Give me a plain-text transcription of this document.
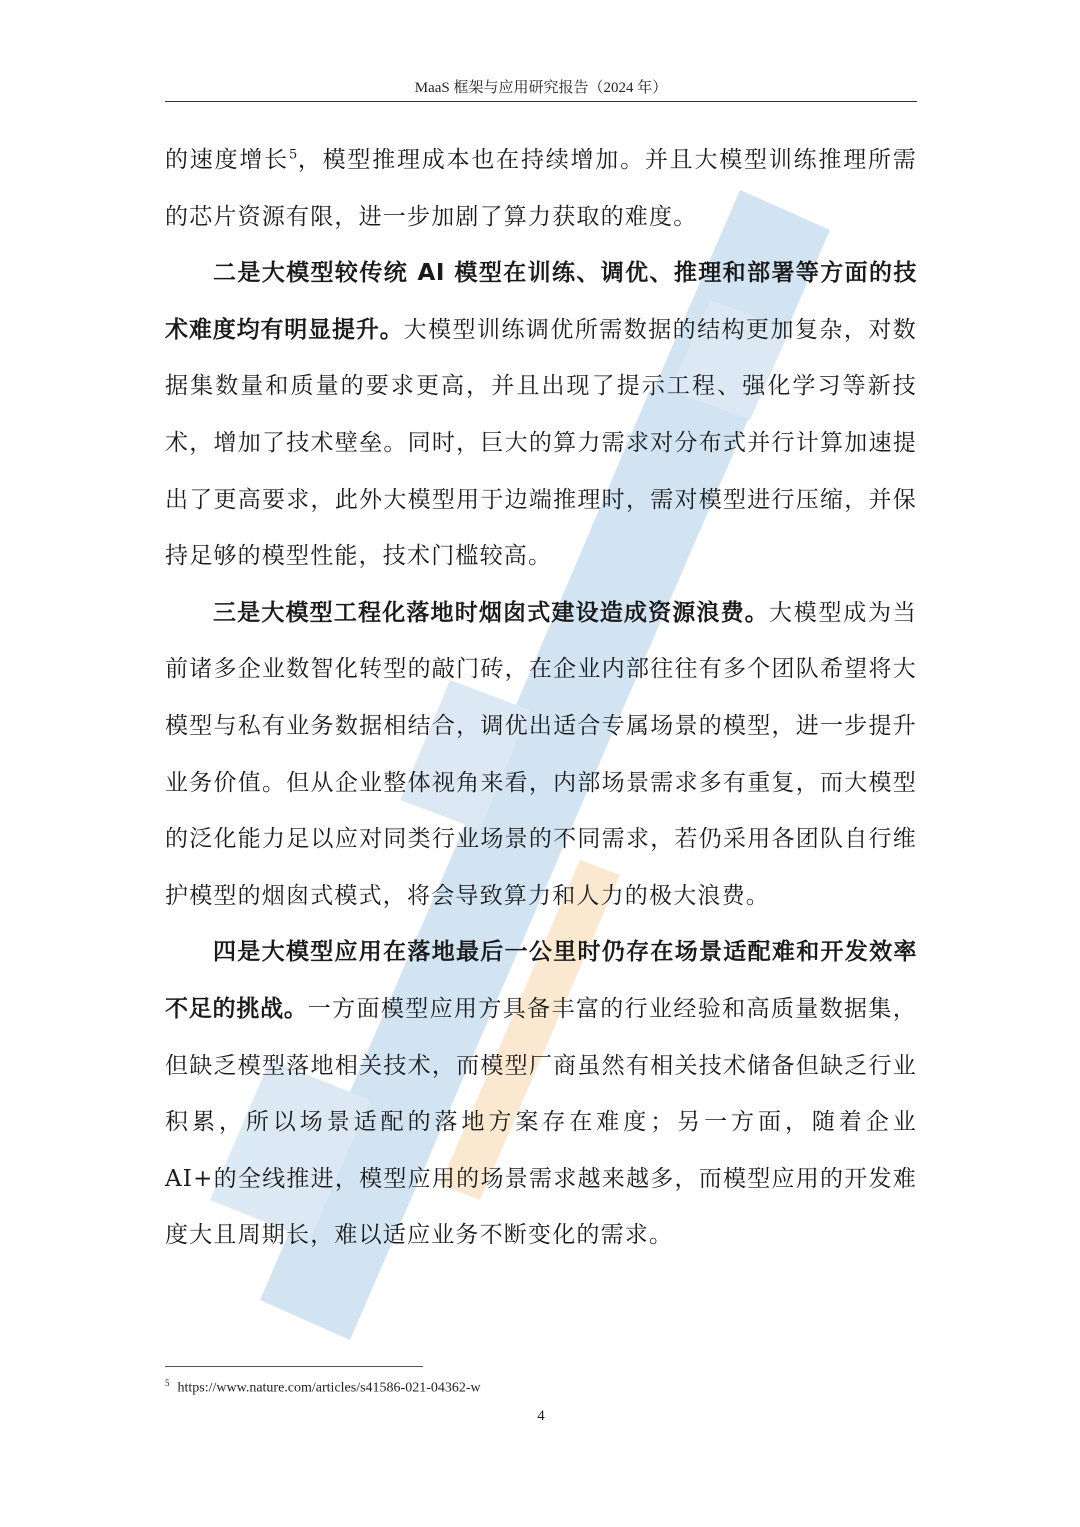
MaaS 框架与应用研究报告（2024 年）

的速度增长$^5$，模型推理成本也在持续增加。并且大模型训练推理所需的芯片资源有限，进一步加剧了算力获取的难度。

二是大模型较传统 AI 模型在训练、调优、推理和部署等方面的技术难度均有明显提升。大模型训练调优所需数据的结构更加复杂，对数据集数量和质量的要求更高，并且出现了提示工程、强化学习等新技术，增加了技术壁垒。同时，巨大的算力需求对分布式并行计算加速提出了更高要求，此外大模型用于边端推理时，需对模型进行压缩，并保持足够的模型性能，技术门槛较高。

三是大模型工程化落地时烟囱式建设造成资源浪费。大模型成为当前诸多企业数智化转型的敲门砖，在企业内部往往有多个团队希望将大模型与私有业务数据相结合，调优出适合专属场景的模型，进一步提升业务价值。但从企业整体视角来看，内部场景需求多有重复，而大模型的泛化能力足以应对同类行业场景的不同需求，若仍采用各团队自行维护模型的烟囱式模式，将会导致算力和人力的极大浪费。

四是大模型应用在落地最后一公里时仍存在场景适配难和开发效率不足的挑战。一方面模型应用方具备丰富的行业经验和高质量数据集，但缺乏模型落地相关技术，而模型厂商虽然有相关技术储备但缺乏行业积累，所以场景适配的落地方案存在难度；另一方面，随着企业 AI+的全线推进，模型应用的场景需求越来越多，而模型应用的开发难度大且周期长，难以适应业务不断变化的需求。

$^5$ https://www.nature.com/articles/s41586-021-04362-w
4
